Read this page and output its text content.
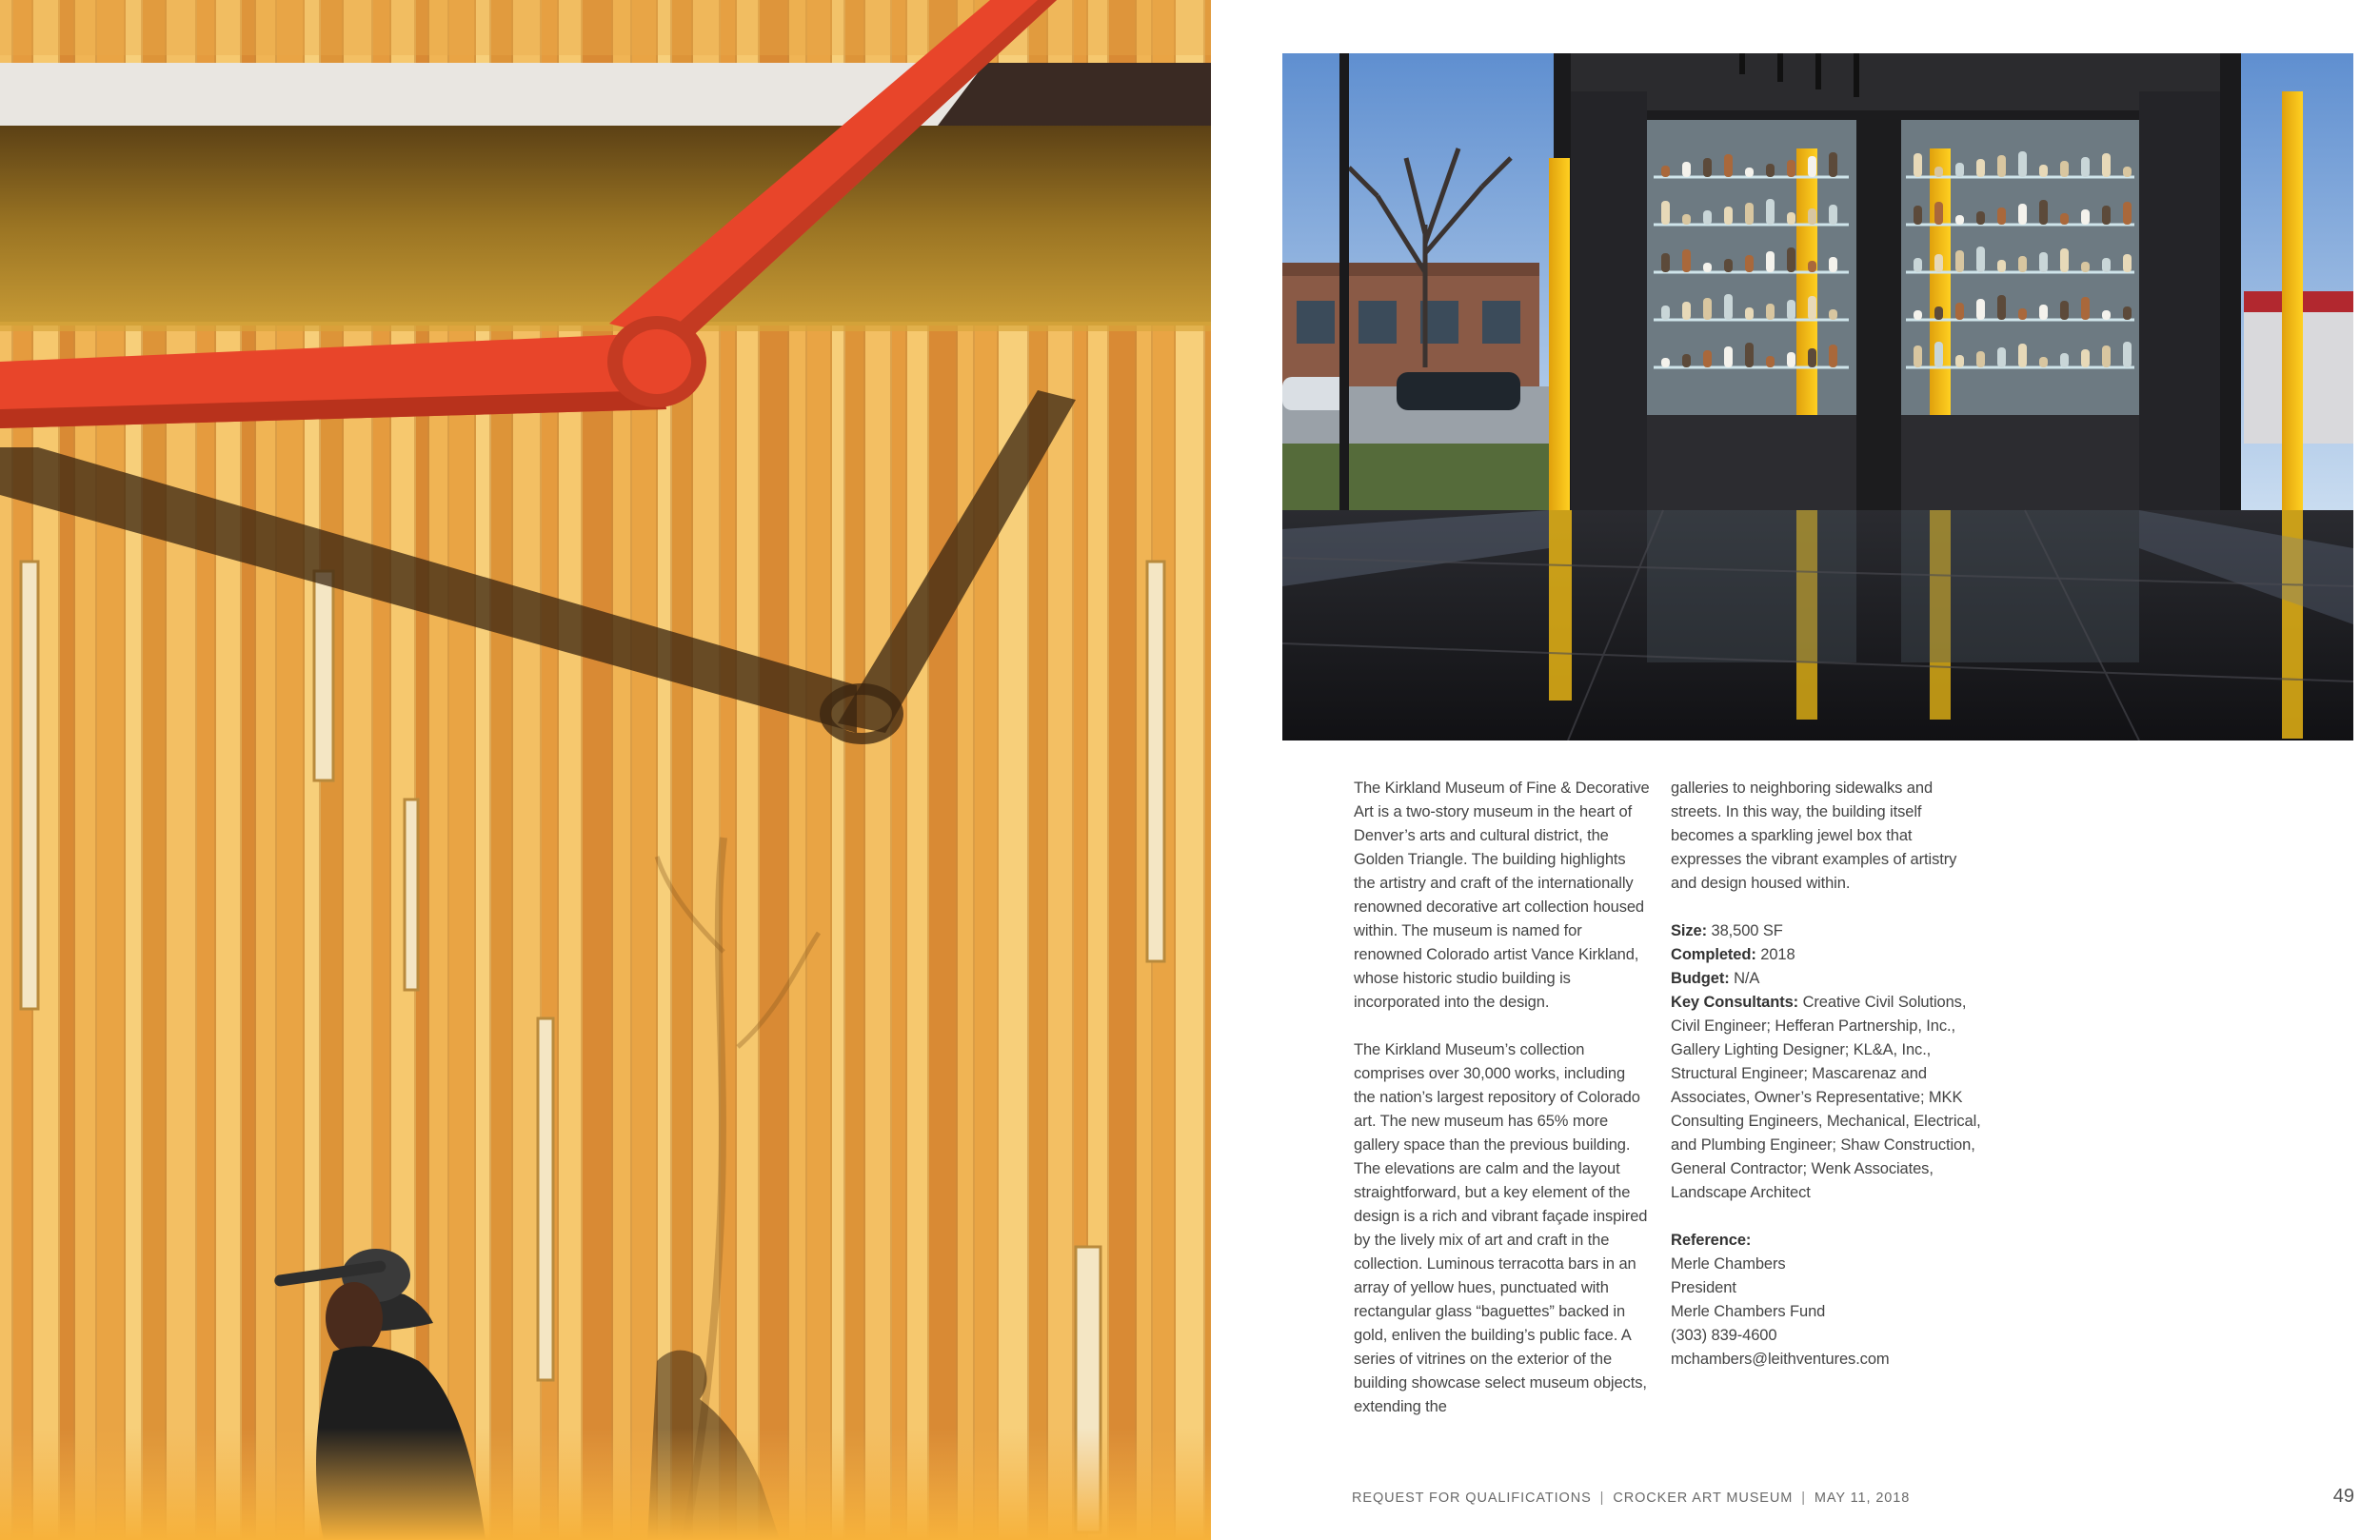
The Kirkland Museum of Fine & Decorative Art is a two-story museum in the heart of Denver’s arts and cultural district, the Golden Triangle. The building highlights the artistry and craft of the internationally renowned decorative art collection housed within. The museum is named for renowned Colorado artist Vance Kirkland, whose historic studio building is incorporated into the design.

The Kirkland Museum’s collection comprises over 30,000 works, including the nation’s largest repository of Colorado art. The new museum has 65% more gallery space than the previous building. The elevations are calm and the layout straightforward, but a key element of the design is a rich and vibrant façade inspired by the lively mix of art and craft in the collection. Luminous terracotta bars in an array of yellow hues, punctuated with rectangular glass “baguettes” backed in gold, enliven the building’s public face. A series of vitrines on the exterior of the building showcase select museum objects, extending the

galleries to neighboring sidewalks and streets. In this way, the building itself becomes a sparkling jewel box that expresses the vibrant examples of artistry and design housed within.

Size: 38,500 SF
Completed: 2018
Budget: N/A
Key Consultants: Creative Civil Solutions, Civil Engineer; Hefferan Partnership, Inc., Gallery Lighting Designer; KL&A, Inc., Structural Engineer; Mascarenaz and Associates, Owner’s Representative; MKK Consulting Engineers, Mechanical, Electrical, and Plumbing Engineer; Shaw Construction, General Contractor; Wenk Associates, Landscape Architect
Reference:
Merle Chambers
President
Merle Chambers Fund
(303) 839-4600
mchambers@leithventures.com
REQUEST FOR QUALIFICATIONS | CROCKER ART MUSEUM | MAY 11, 2018	49
